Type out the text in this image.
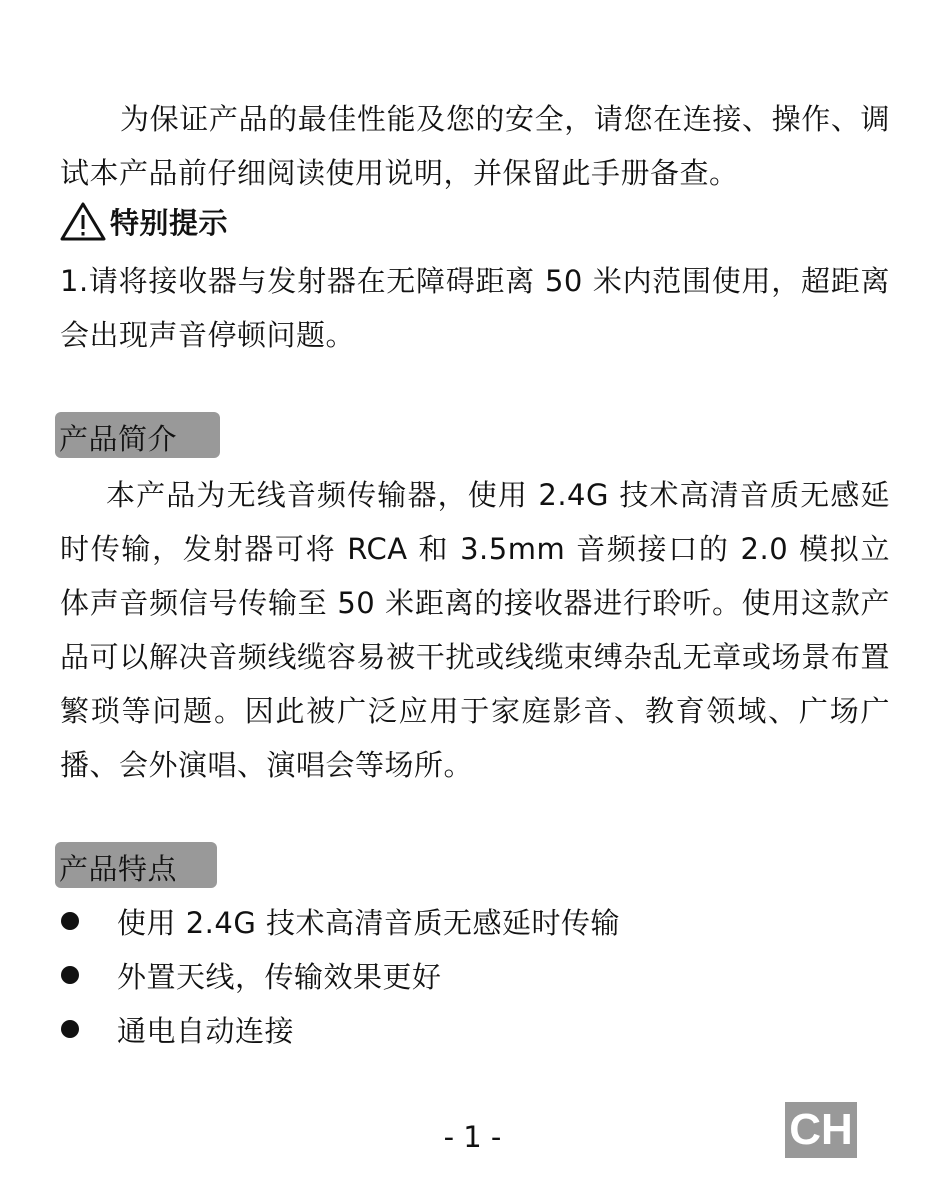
为保证产品的最佳性能及您的安全，请您在连接、操作、调试本产品前仔细阅读使用说明，并保留此手册备查。

特别提示

1.请将接收器与发射器在无障碍距离 50 米内范围使用，超距离会出现声音停顿问题。

产品简介

本产品为无线音频传输器，使用 2.4G 技术高清音质无感延时传输，发射器可将 RCA 和 3.5mm 音频接口的 2.0 模拟立体声音频信号传输至 50 米距离的接收器进行聆听。使用这款产品可以解决音频线缆容易被干扰或线缆束缚杂乱无章或场景布置繁琐等问题。因此被广泛应用于家庭影音、教育领域、广场广播、会外演唱、演唱会等场所。

产品特点
使用 2.4G 技术高清音质无感延时传输
外置天线，传输效果更好
通电自动连接
- 1 -	CH
